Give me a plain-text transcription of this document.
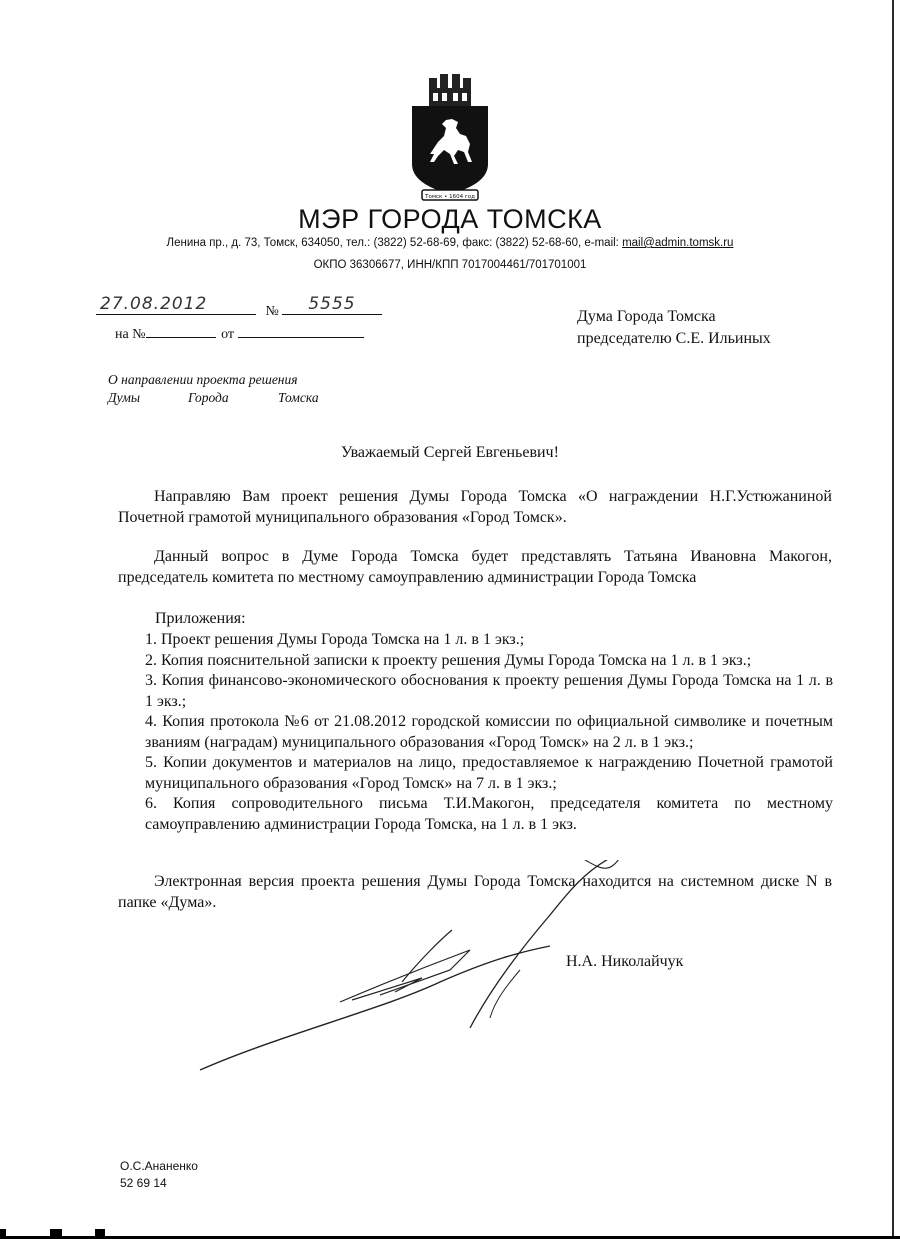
Томск • 1604 год
МЭР ГОРОДА ТОМСКА
Ленина пр., д. 73, Томск, 634050, тел.: (3822) 52-68-69, факс: (3822) 52-68-60, e-mail: mail@admin.tomsk.ru
ОКПО 36306677, ИНН/КПП 7017004461/701701001
27.08.2012	№ 5555
на №	от
Дума Города Томска
председателю С.Е. Ильиных
О направлении проекта решения
Думы	Города	Томска
Уважаемый Сергей Евгеньевич!
Направляю Вам проект решения Думы Города Томска «О награждении Н.Г.Устюжаниной Почетной грамотой муниципального образования «Город Томск».
Данный вопрос в Думе Города Томска будет представлять Татьяна Ивановна Макогон, председатель комитета по местному самоуправлению администрации Города Томска
Приложения:
1. Проект решения Думы Города Томска на 1 л. в 1 экз.;
2. Копия пояснительной записки к проекту решения Думы Города Томска на 1 л. в 1 экз.;
3. Копия финансово-экономического обоснования к проекту решения Думы Города Томска на 1 л. в 1 экз.;
4. Копия протокола №6 от 21.08.2012 городской комиссии по официальной символике и почетным званиям (наградам) муниципального образования «Город Томск» на 2 л. в 1 экз.;
5. Копии документов и материалов на лицо, предоставляемое к награждению Почетной грамотой муниципального образования «Город Томск» на 7 л. в 1 экз.;
6. Копия сопроводительного письма Т.И.Макогон, председателя комитета по местному самоуправлению администрации Города Томска, на 1 л. в 1 экз.
Электронная версия проекта решения Думы Города Томска находится на системном диске N в папке «Дума».
Н.А. Николайчук
О.С.Ананенко
52 69 14
